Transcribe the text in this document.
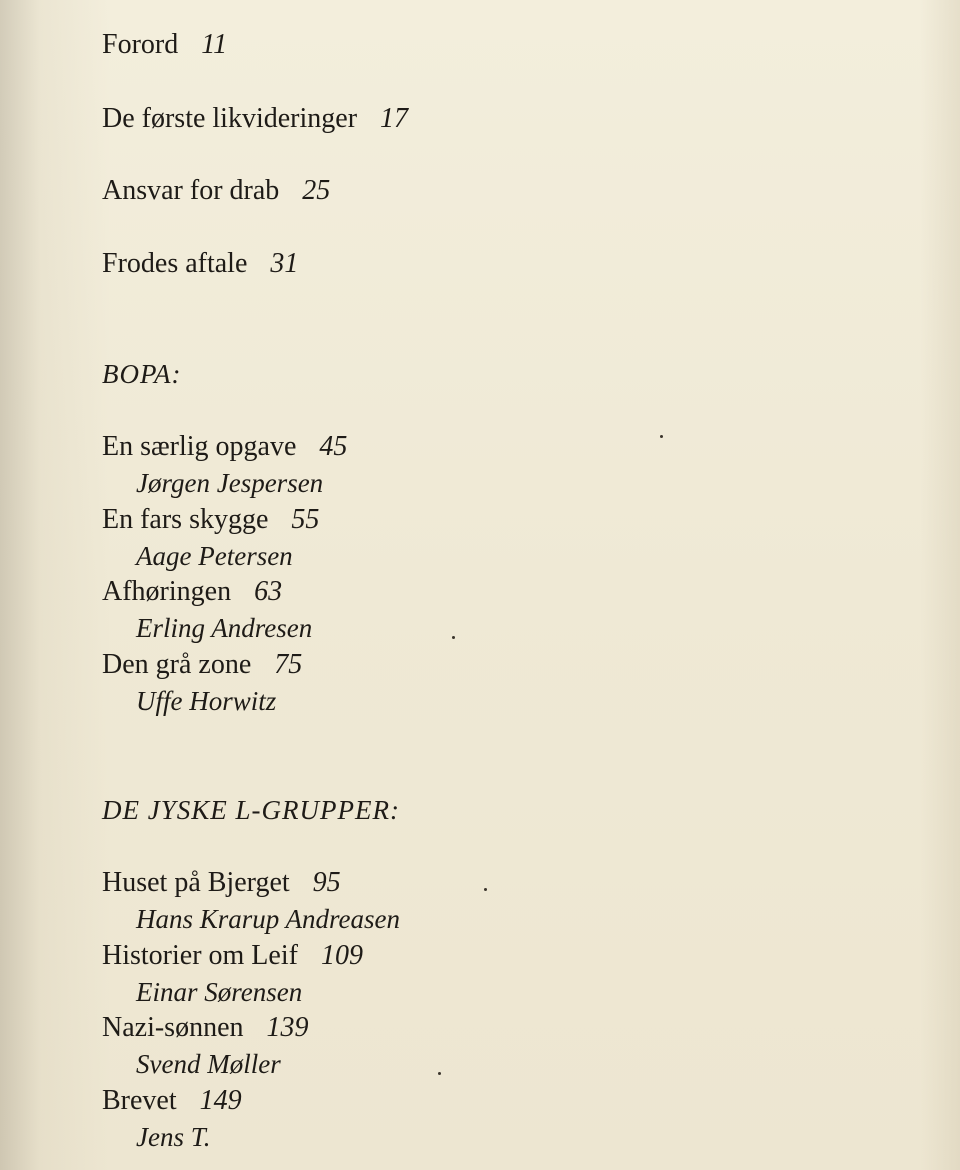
Forord 11
De første likvideringer 17
Ansvar for drab 25
Frodes aftale 31
BOPA:
En særlig opgave 45
Jørgen Jespersen
En fars skygge 55
Aage Petersen
Afhøringen 63
Erling Andresen
Den grå zone 75
Uffe Horwitz
DE JYSKE L-GRUPPER:
Huset på Bjerget 95
Hans Krarup Andreasen
Historier om Leif 109
Einar Sørensen
Nazi-sønnen 139
Svend Møller
Brevet 149
Jens T.
